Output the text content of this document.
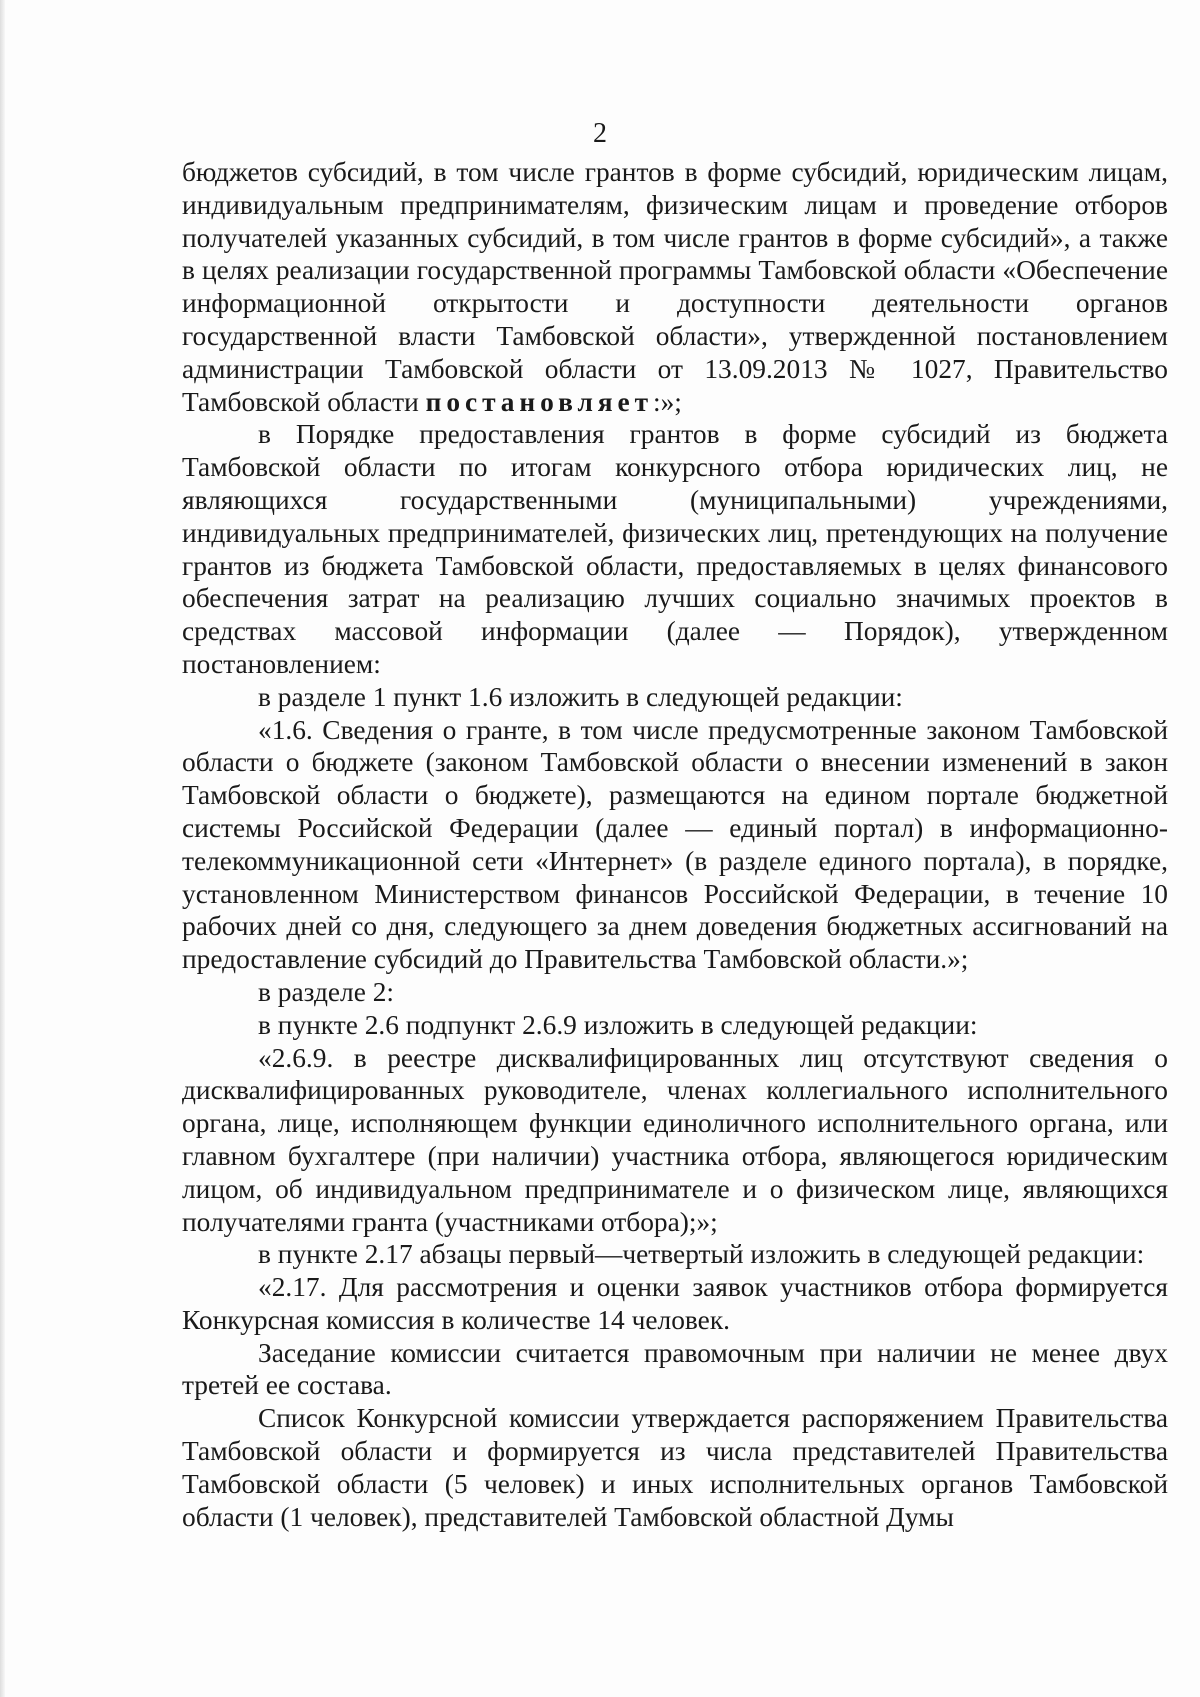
2

бюджетов субсидий, в том числе грантов в форме субсидий, юридическим лицам, индивидуальным предпринимателям, физическим лицам и проведение отборов получателей указанных субсидий, в том числе грантов в форме субсидий», а также в целях реализации государственной программы Тамбовской области «Обеспечение информационной открытости и доступности деятельности органов государственной власти Тамбовской области», утвержденной постановлением администрации Тамбовской области от 13.09.2013 № 1027, Правительство Тамбовской области постановляет:»;

в Порядке предоставления грантов в форме субсидий из бюджета Тамбовской области по итогам конкурсного отбора юридических лиц, не являющихся государственными (муниципальными) учреждениями, индивидуальных предпринимателей, физических лиц, претендующих на получение грантов из бюджета Тамбовской области, предоставляемых в целях финансового обеспечения затрат на реализацию лучших социально значимых проектов в средствах массовой информации (далее — Порядок), утвержденном постановлением:

в разделе 1 пункт 1.6 изложить в следующей редакции:

«1.6. Сведения о гранте, в том числе предусмотренные законом Тамбовской области о бюджете (законом Тамбовской области о внесении изменений в закон Тамбовской области о бюджете), размещаются на едином портале бюджетной системы Российской Федерации (далее — единый портал) в информационно-телекоммуникационной сети «Интернет» (в разделе единого портала), в порядке, установленном Министерством финансов Российской Федерации, в течение 10 рабочих дней со дня, следующего за днем доведения бюджетных ассигнований на предоставление субсидий до Правительства Тамбовской области.»;

в разделе 2:

в пункте 2.6 подпункт 2.6.9 изложить в следующей редакции:

«2.6.9. в реестре дисквалифицированных лиц отсутствуют сведения о дисквалифицированных руководителе, членах коллегиального исполнительного органа, лице, исполняющем функции единоличного исполнительного органа, или главном бухгалтере (при наличии) участника отбора, являющегося юридическим лицом, об индивидуальном предпринимателе и о физическом лице, являющихся получателями гранта (участниками отбора);»;

в пункте 2.17 абзацы первый—четвертый изложить в следующей редакции:

«2.17. Для рассмотрения и оценки заявок участников отбора формируется Конкурсная комиссия в количестве 14 человек.

Заседание комиссии считается правомочным при наличии не менее двух третей ее состава.

Список Конкурсной комиссии утверждается распоряжением Правительства Тамбовской области и формируется из числа представителей Правительства Тамбовской области (5 человек) и иных исполнительных органов Тамбовской области (1 человек), представителей Тамбовской областной Думы
